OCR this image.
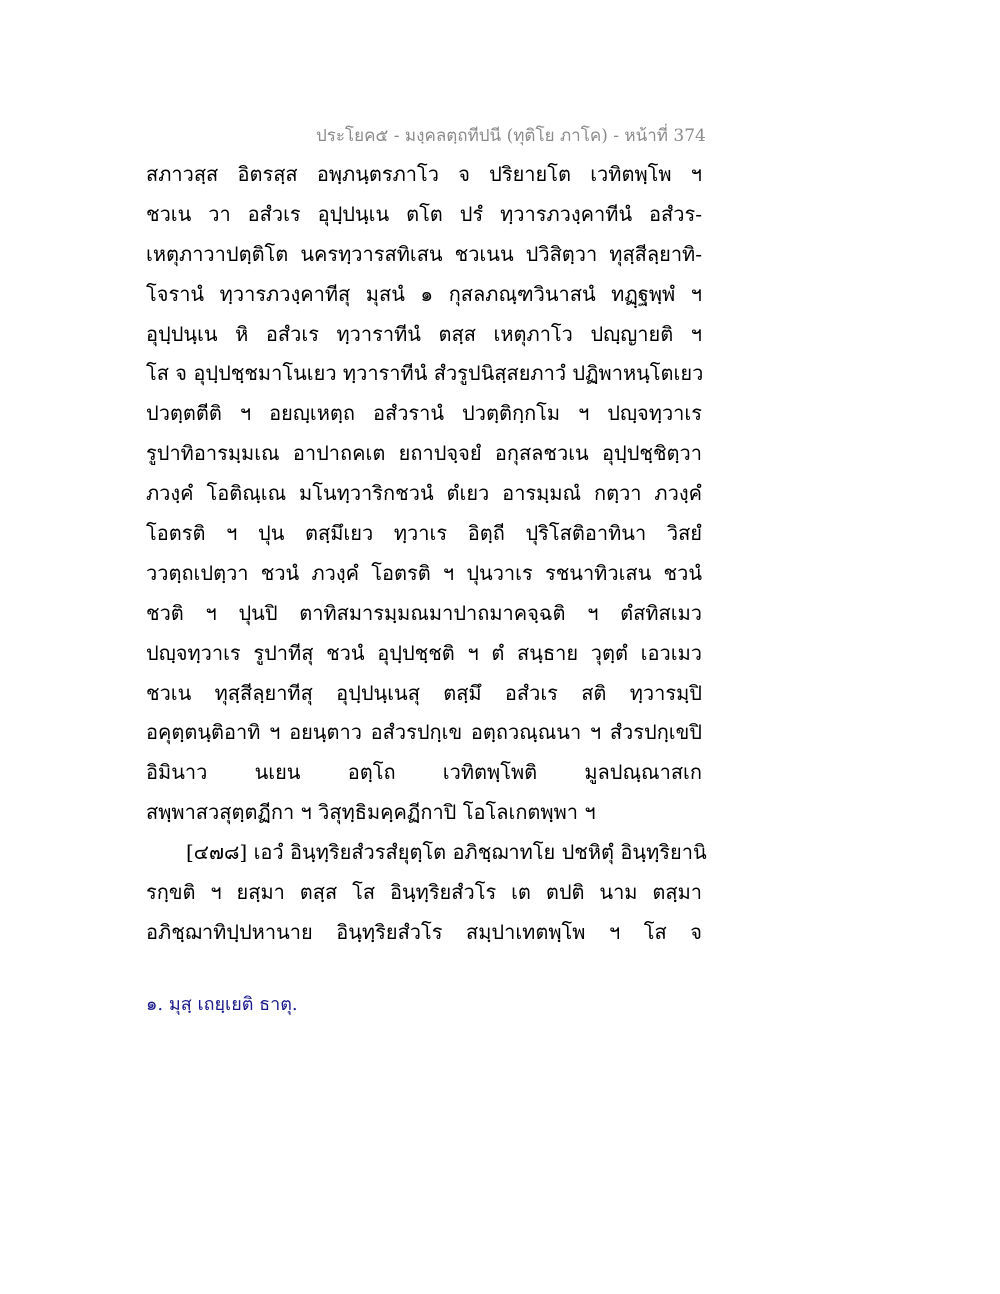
ประโยค๕ - มงฺคลตฺถทีปนี (ทุติโย ภาโค) - หน้าที่ 374
สภาวสฺส อิตรสฺส อพฺภนฺตรภาโว จ ปริยายโต เวทิตพฺโพ ฯ
ชวเน วา อสํวเร อุปฺปนฺเน ตโต ปรํ ทฺวารภวงฺคาทีนํ อสํวร-
เหตุภาวาปตฺติโต นครทฺวารสทิเสน ชวเนน ปวิสิตฺวา ทุสฺสีลฺยาทิ-
โจรานํ ทฺวารภวงฺคาทีสุ มุสนํ ๑ กุสลภณฺฑวินาสนํ ทฏฺฐพฺพํ ฯ
อุปฺปนฺเน หิ อสํวเร ทฺวาราทีนํ ตสฺส เหตุภาโว ปญฺญายติ ฯ
โส จ อุปฺปชฺชมาโนเยว ทฺวาราทีนํ สํวรูปนิสฺสยภาวํ ปฏิพาหนฺโตเยว
ปวตฺตตีติ ฯ อยญฺเหตฺถ อสํวรานํ ปวตฺติกฺกโม ฯ ปญฺจทฺวาเร
รูปาทิอารมฺมเณ อาปาถคเต ยถาปจฺจยํ อกุสลชวเน อุปฺปชฺชิตฺวา
ภวงฺคํ โอติณฺเณ มโนทฺวาริกชวนํ ตํเยว อารมฺมณํ กตฺวา ภวงฺคํ
โอตรติ ฯ ปุน ตสฺมึเยว ทฺวาเร อิตฺถี ปุริโสติอาทินา วิสยํ
ววตฺถเปตฺวา ชวนํ ภวงฺคํ โอตรติ ฯ ปุนวาเร รชนาทิวเสน ชวนํ
ชวติ ฯ ปุนปิ ตาทิสมารมฺมณมาปาถมาคจฺฉติ ฯ ตํสทิสเมว
ปญฺจทฺวาเร รูปาทีสุ ชวนํ อุปฺปชฺชติ ฯ ตํ สนฺธาย วุตฺตํ เอวเมว
ชวเน ทุสฺสีลฺยาทีสุ อุปฺปนฺเนสุ ตสฺมึ อสํวเร สติ ทฺวารมฺปิ
อคุตฺตนฺติอาทิ ฯ อยนฺตาว อสํวรปกฺเข อตฺถวณฺณนา ฯ สํวรปกฺเขปิ
อิมินาว นเยน อตฺโถ เวทิตพฺโพติ มูลปณฺณาสเก
สพฺพาสวสุตฺตฏีกา ฯ วิสุทฺธิมคฺคฏีกาปิ โอโลเกตพฺพา ฯ
[๔๗๘] เอวํ อินฺทฺริยสํวรสํยุตฺโต อภิชฺฌาทโย ปชหิตุํ อินฺทฺริยานิ
รกฺขติ ฯ ยสฺมา ตสฺส โส อินฺทฺริยสํวโร เต ตปติ นาม ตสฺมา
อภิชฺฌาทิปฺปหานาย อินฺทฺริยสํวโร สมฺปาเทตพฺโพ ฯ โส จ
๑. มุสฺ เถยฺเยติ ธาตุ.
